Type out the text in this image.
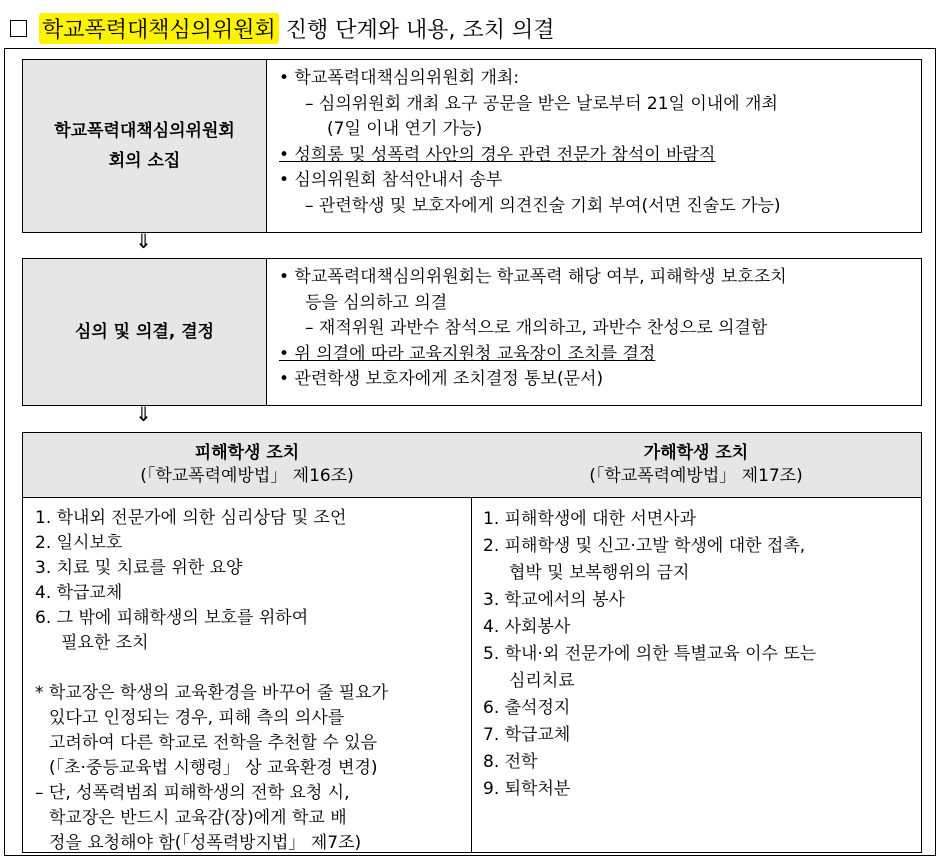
학교폭력대책심의위원회 진행 단계와 내용, 조치 의결
학교폭력대책심의위원회
회의 소집
• 학교폭력대책심의위원회 개최:
– 심의위원회 개최 요구 공문을 받은 날로부터 21일 이내에 개최
(7일 이내 연기 가능)
• 성희롱 및 성폭력 사안의 경우 관련 전문가 참석이 바람직
• 심의위원회 참석안내서 송부
– 관련학생 및 보호자에게 의견진술 기회 부여(서면 진술도 가능)
⇓
심의 및 의결, 결정
• 학교폭력대책심의위원회는 학교폭력 해당 여부, 피해학생 보호조치
등을 심의하고 의결
– 재적위원 과반수 참석으로 개의하고, 과반수 찬성으로 의결함
• 위 의결에 따라 교육지원청 교육장이 조치를 결정
• 관련학생 보호자에게 조치결정 통보(문서)
⇓
피해학생 조치
(「학교폭력예방법」 제16조)
1. 학내외 전문가에 의한 심리상담 및 조언
2. 일시보호
3. 치료 및 치료를 위한 요양
4. 학급교체
6. 그 밖에 피해학생의 보호를 위하여
필요한 조치
* 학교장은 학생의 교육환경을 바꾸어 줄 필요가
있다고 인정되는 경우, 피해 측의 의사를
고려하여 다른 학교로 전학을 추천할 수 있음
(「초·중등교육법 시행령」 상 교육환경 변경)
– 단, 성폭력범죄 피해학생의 전학 요청 시,
학교장은 반드시 교육감(장)에게 학교 배
정을 요청해야 함(「성폭력방지법」 제7조)
가해학생 조치
(「학교폭력예방법」 제17조)
1. 피해학생에 대한 서면사과
2. 피해학생 및 신고·고발 학생에 대한 접촉,
협박 및 보복행위의 금지
3. 학교에서의 봉사
4. 사회봉사
5. 학내·외 전문가에 의한 특별교육 이수 또는
심리치료
6. 출석정지
7. 학급교체
8. 전학
9. 퇴학처분
